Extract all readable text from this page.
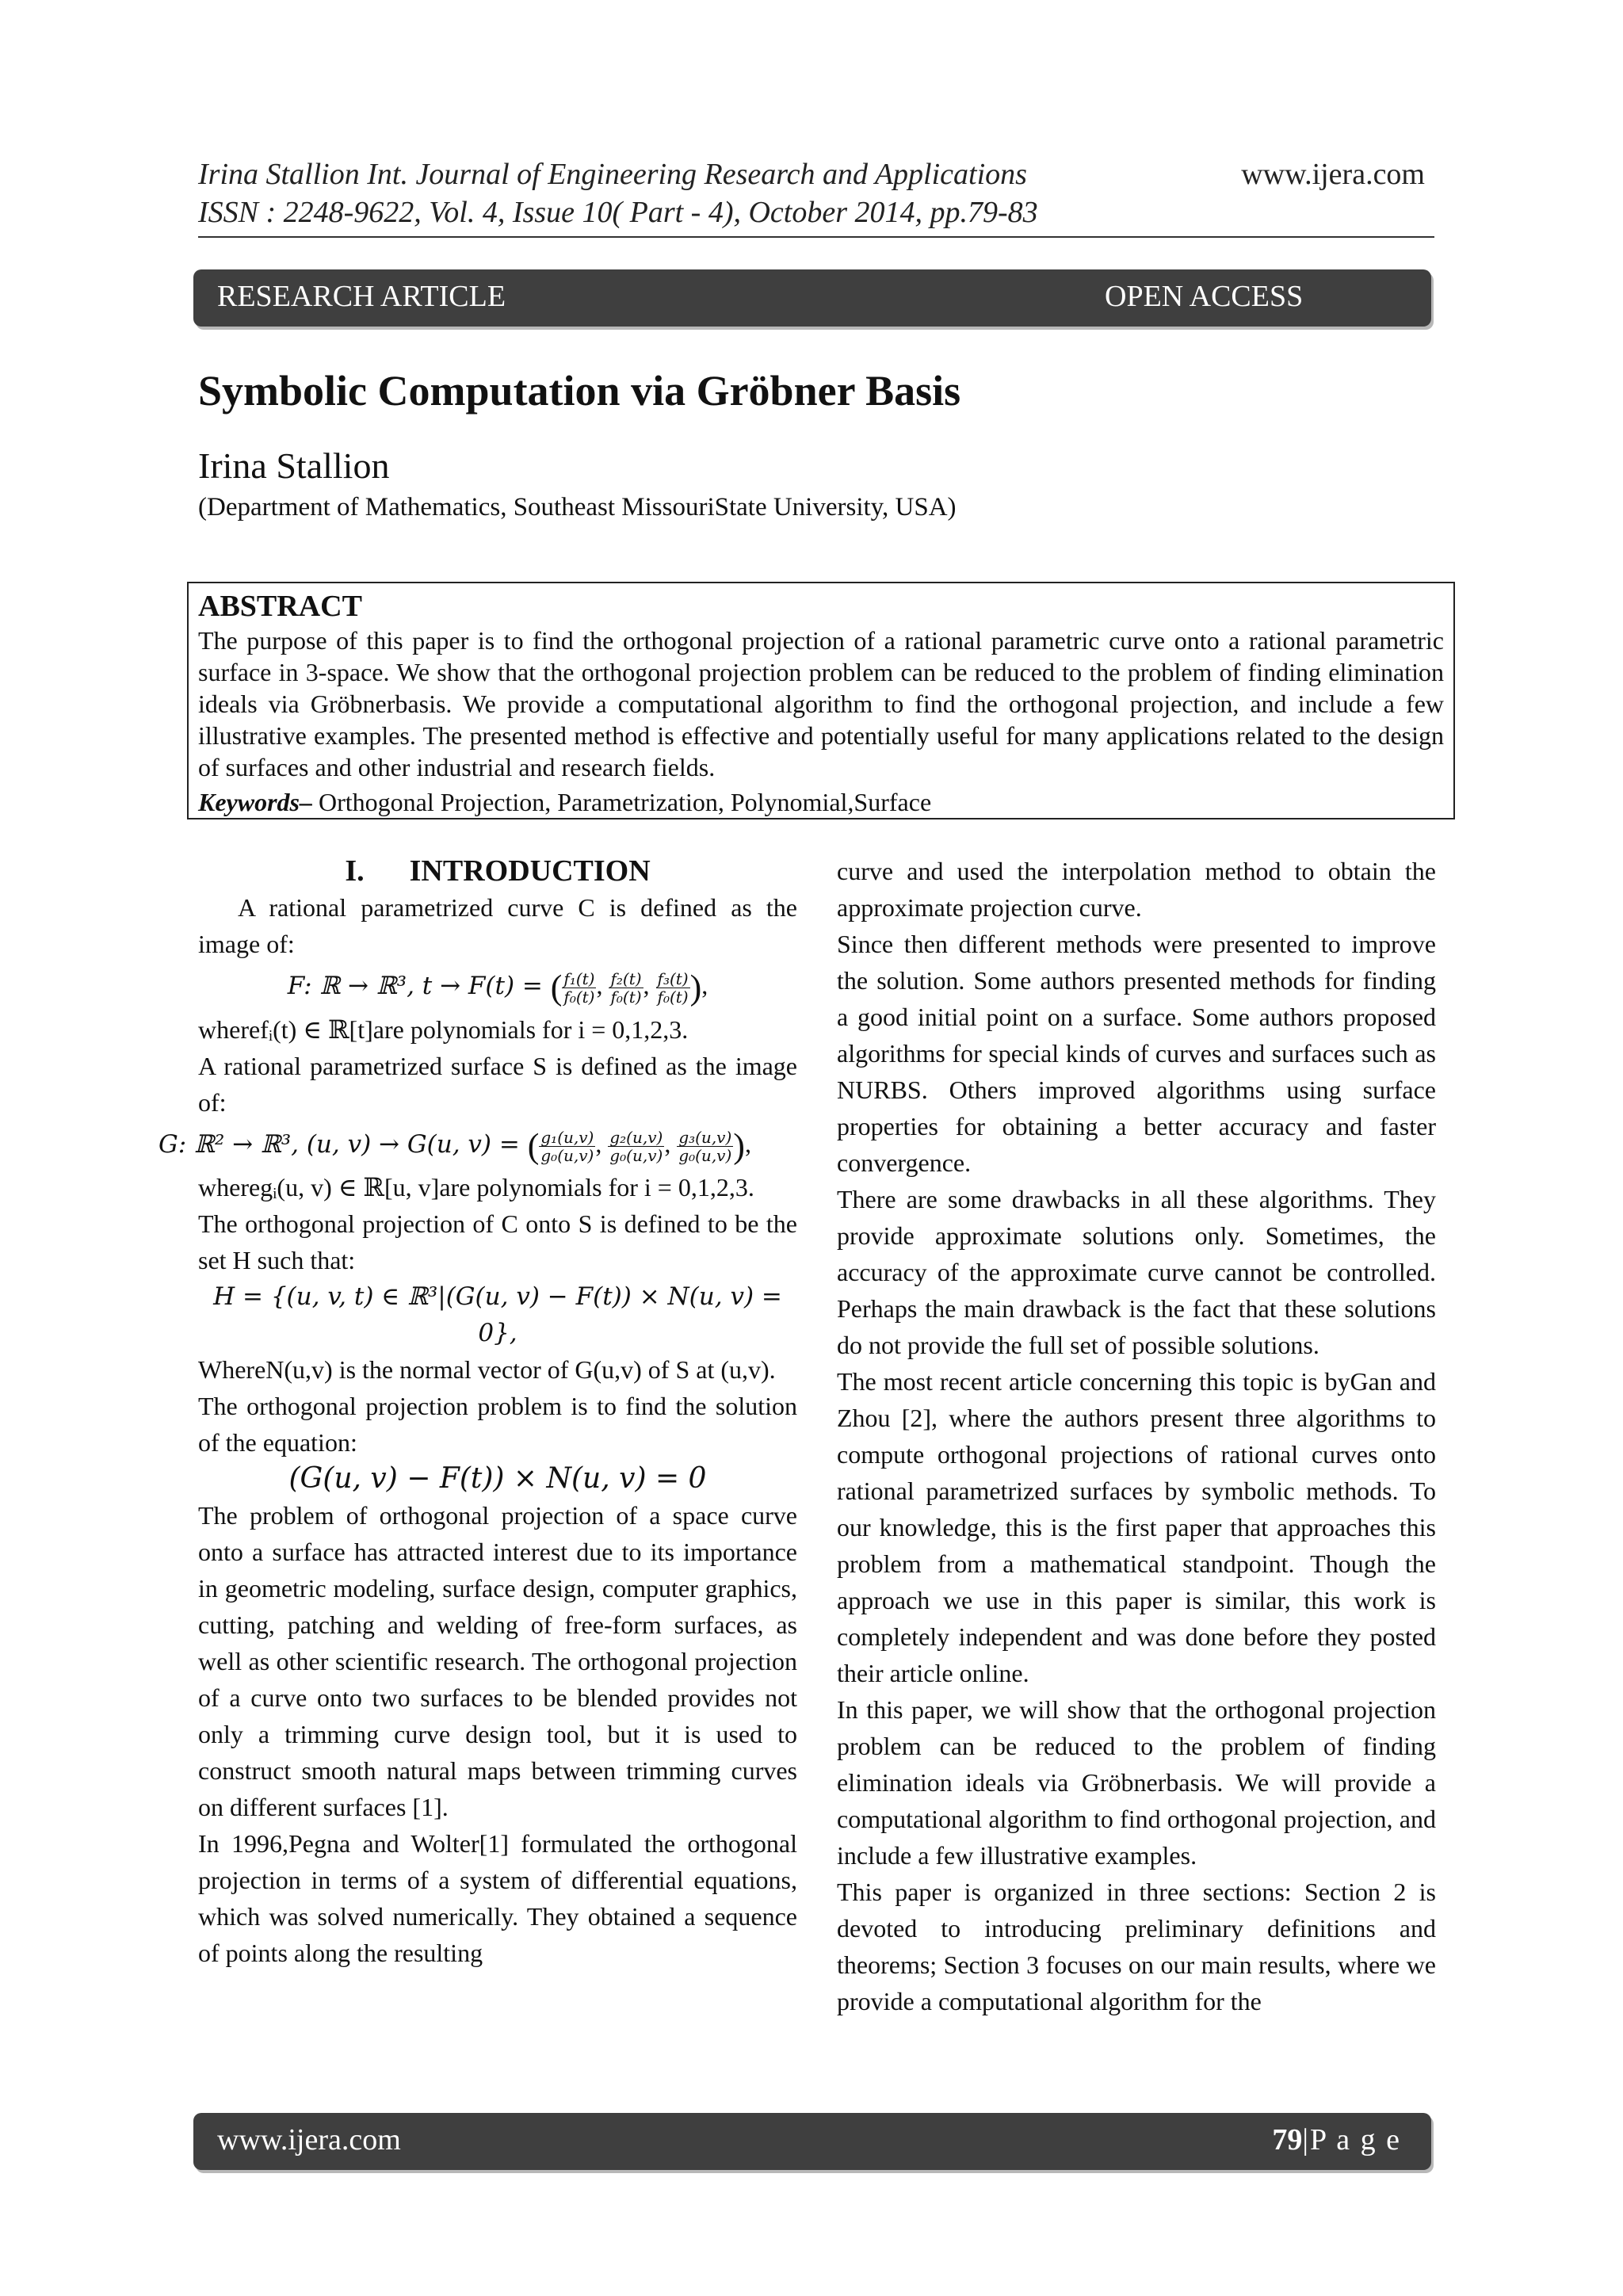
Irina Stallion Int. Journal of Engineering Research and Applications
ISSN : 2248-9622, Vol. 4, Issue 10( Part - 4), October 2014, pp.79-83
www.ijera.com
RESEARCH ARTICLE	OPEN ACCESS
Symbolic Computation via Gröbner Basis
Irina Stallion
(Department of Mathematics, Southeast MissouriState University, USA)
ABSTRACT
The purpose of this paper is to find the orthogonal projection of a rational parametric curve onto a rational parametric surface in 3-space. We show that the orthogonal projection problem can be reduced to the problem of finding elimination ideals via Gröbnerbasis. We provide a computational algorithm to find the orthogonal projection, and include a few illustrative examples. The presented method is effective and potentially useful for many applications related to the design of surfaces and other industrial and research fields.
Keywords– Orthogonal Projection, Parametrization, Polynomial,Surface

I.      INTRODUCTION

A rational parametrized curve C is defined as the image of:

F: ℝ → ℝ³, t → F(t) = ( $\frac{\text{f₁(t)}}{\text{f₀(t)}}$ , $\frac{\text{f₂(t)}}{\text{f₀(t)}}$ , $\frac{\text{f₃(t)}}{\text{f₀(t)}}$ ),

wherefᵢ(t) ∈ ℝ[t]are polynomials for i = 0,1,2,3.

A rational parametrized surface S is defined as the image of:

G: ℝ² → ℝ³, (u, v) → G(u, v) = ( $\frac{\text{g₁(u,v)}}{\text{g₀(u,v)}}$ , $\frac{\text{g₂(u,v)}}{\text{g₀(u,v)}}$ , $\frac{\text{g₃(u,v)}}{\text{g₀(u,v)}}$ ),

wheregᵢ(u, v) ∈ ℝ[u, v]are polynomials for i = 0,1,2,3.

The orthogonal projection of C onto S is defined to be the set H such that:

H = {(u, v, t) ∈ ℝ³|(G(u, v) − F(t)) × N(u, v) = 0},

WhereN(u,v) is the normal vector of G(u,v) of S at (u,v).

The orthogonal projection problem is to find the solution of the equation:

(G(u, v) − F(t)) × N(u, v) = 0

The problem of orthogonal projection of a space curve onto a surface has attracted interest due to its importance in geometric modeling, surface design, computer graphics, cutting, patching and welding of free-form surfaces, as well as other scientific research. The orthogonal projection of a curve onto two surfaces to be blended provides not only a trimming curve design tool, but it is used to construct smooth natural maps between trimming curves on different surfaces [1].

In 1996,Pegna and Wolter[1] formulated the orthogonal projection in terms of a system of differential equations, which was solved numerically. They obtained a sequence of points along the resulting

curve and used the interpolation method to obtain the approximate projection curve.

Since then different methods were presented to improve the solution. Some authors presented methods for finding a good initial point on a surface. Some authors proposed algorithms for special kinds of curves and surfaces such as NURBS. Others improved algorithms using surface properties for obtaining a better accuracy and faster convergence.

There are some drawbacks in all these algorithms. They provide approximate solutions only. Sometimes, the accuracy of the approximate curve cannot be controlled. Perhaps the main drawback is the fact that these solutions do not provide the full set of possible solutions.

The most recent article concerning this topic is byGan and Zhou [2], where the authors present three algorithms to compute orthogonal projections of rational curves onto rational parametrized surfaces by symbolic methods. To our knowledge, this is the first paper that approaches this problem from a mathematical standpoint. Though the approach we use in this paper is similar, this work is completely independent and was done before they posted their article online.

In this paper, we will show that the orthogonal projection problem can be reduced to the problem of finding elimination ideals via Gröbnerbasis. We will provide a computational algorithm to find orthogonal projection, and include a few illustrative examples.

This paper is organized in three sections: Section 2 is devoted to introducing preliminary definitions and theorems; Section 3 focuses on our main results, where we provide a computational algorithm for the

www.ijera.com	79|P a g e
